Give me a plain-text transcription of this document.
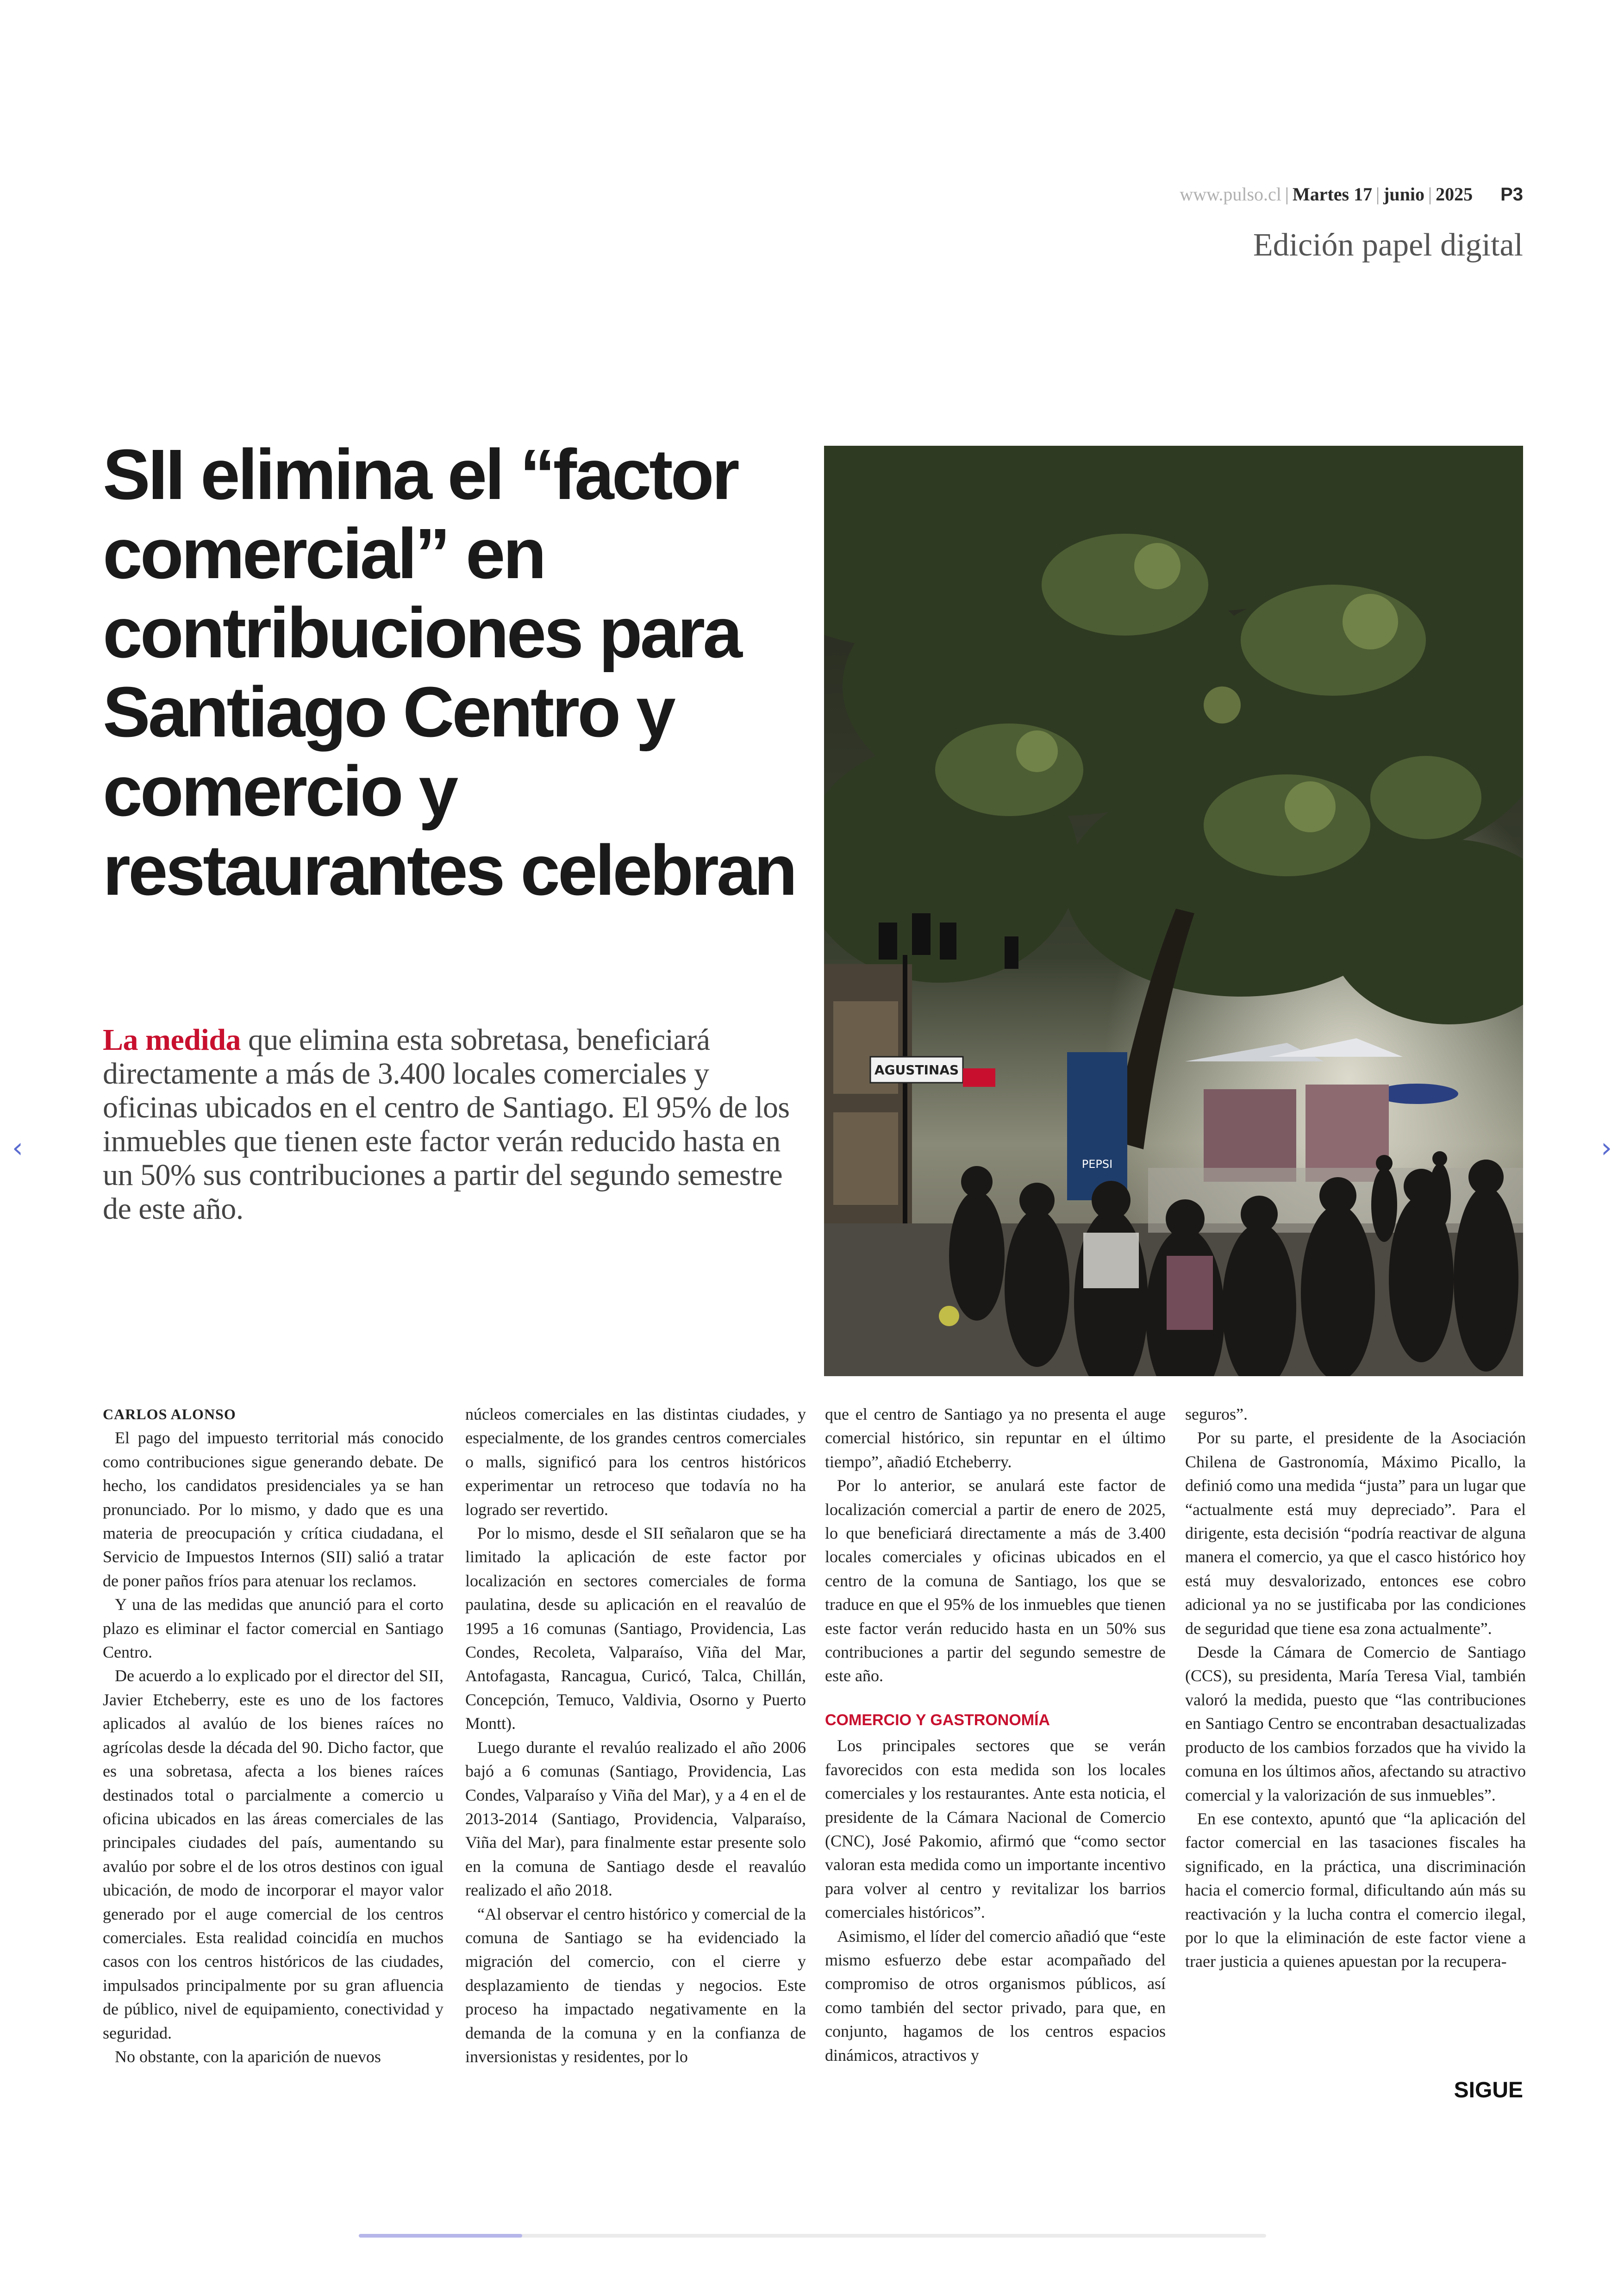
www.pulso.cl | Martes 17 | junio | 2025 P3
Edición papel digital
SII elimina el “factor comercial” en contribuciones para Santiago Centro y comercio y restaurantes celebran

La medida que elimina esta sobretasa, beneficiará directamente a más de 3.400 locales comerciales y oficinas ubicados en el centro de Santiago. El 95% de los inmuebles que tienen este factor verán reducido hasta en un 50% sus contribuciones a partir del segundo semestre de este año.

AGUSTINAS
PEPSI

CARLOS ALONSO

El pago del impuesto territorial más conocido como contribuciones sigue generando debate. De hecho, los candidatos presidenciales ya se han pronunciado. Por lo mismo, y dado que es una materia de preocupación y crítica ciudadana, el Servicio de Impuestos Internos (SII) salió a tratar de poner paños fríos para atenuar los reclamos.

Y una de las medidas que anunció para el corto plazo es eliminar el factor comercial en Santiago Centro.

De acuerdo a lo explicado por el director del SII, Javier Etcheberry, este es uno de los factores aplicados al avalúo de los bienes raíces no agrícolas desde la década del 90. Dicho factor, que es una sobretasa, afecta a los bienes raíces destinados total o parcialmente a comercio u oficina ubicados en las áreas comerciales de las principales ciudades del país, aumentando su avalúo por sobre el de los otros destinos con igual ubicación, de modo de incorporar el mayor valor generado por el auge comercial de los centros comerciales. Esta realidad coincidía en muchos casos con los centros históricos de las ciudades, impulsados principalmente por su gran afluencia de público, nivel de equipamiento, conectividad y seguridad.

No obstante, con la aparición de nuevos

núcleos comerciales en las distintas ciudades, y especialmente, de los grandes centros comerciales o malls, significó para los centros históricos experimentar un retroceso que todavía no ha logrado ser revertido.

Por lo mismo, desde el SII señalaron que se ha limitado la aplicación de este factor por localización en sectores comerciales de forma paulatina, desde su aplicación en el reavalúo de 1995 a 16 comunas (Santiago, Providencia, Las Condes, Recoleta, Valparaíso, Viña del Mar, Antofagasta, Rancagua, Curicó, Talca, Chillán, Concepción, Temuco, Valdivia, Osorno y Puerto Montt).

Luego durante el revalúo realizado el año 2006 bajó a 6 comunas (Santiago, Providencia, Las Condes, Valparaíso y Viña del Mar), y a 4 en el de 2013-2014 (Santiago, Providencia, Valparaíso, Viña del Mar), para finalmente estar presente solo en la comuna de Santiago desde el reavalúo realizado el año 2018.

“Al observar el centro histórico y comercial de la comuna de Santiago se ha evidenciado la migración del comercio, con el cierre y desplazamiento de tiendas y negocios. Este proceso ha impactado negativamente en la demanda de la comuna y en la confianza de inversionistas y residentes, por lo

que el centro de Santiago ya no presenta el auge comercial histórico, sin repuntar en el último tiempo”, añadió Etcheberry.

Por lo anterior, se anulará este factor de localización comercial a partir de enero de 2025, lo que beneficiará directamente a más de 3.400 locales comerciales y oficinas ubicados en el centro de la comuna de Santiago, los que se traduce en que el 95% de los inmuebles que tienen este factor verán reducido hasta en un 50% sus contribuciones a partir del segundo semestre de este año.

COMERCIO Y GASTRONOMÍA

Los principales sectores que se verán favorecidos con esta medida son los locales comerciales y los restaurantes. Ante esta noticia, el presidente de la Cámara Nacional de Comercio (CNC), José Pakomio, afirmó que “como sector valoran esta medida como un importante incentivo para volver al centro y revitalizar los barrios comerciales históricos”.

Asimismo, el líder del comercio añadió que “este mismo esfuerzo debe estar acompañado del compromiso de otros organismos públicos, así como también del sector privado, para que, en conjunto, hagamos de los centros espacios dinámicos, atractivos y

seguros”.

Por su parte, el presidente de la Asociación Chilena de Gastronomía, Máximo Picallo, la definió como una medida “justa” para un lugar que “actualmente está muy depreciado”. Para el dirigente, esta decisión “podría reactivar de alguna manera el comercio, ya que el casco histórico hoy está muy desvalorizado, entonces ese cobro adicional ya no se justificaba por las condiciones de seguridad que tiene esa zona actualmente”.

Desde la Cámara de Comercio de Santiago (CCS), su presidenta, María Teresa Vial, también valoró la medida, puesto que “las contribuciones en Santiago Centro se encontraban desactualizadas producto de los cambios forzados que ha vivido la comuna en los últimos años, afectando su atractivo comercial y la valorización de sus inmuebles”.

En ese contexto, apuntó que “la aplicación del factor comercial en las tasaciones fiscales ha significado, en la práctica, una discriminación hacia el comercio formal, dificultando aún más su reactivación y la lucha contra el comercio ilegal, por lo que la eliminación de este factor viene a traer justicia a quienes apuestan por la recupera-

SIGUE
‹	›
